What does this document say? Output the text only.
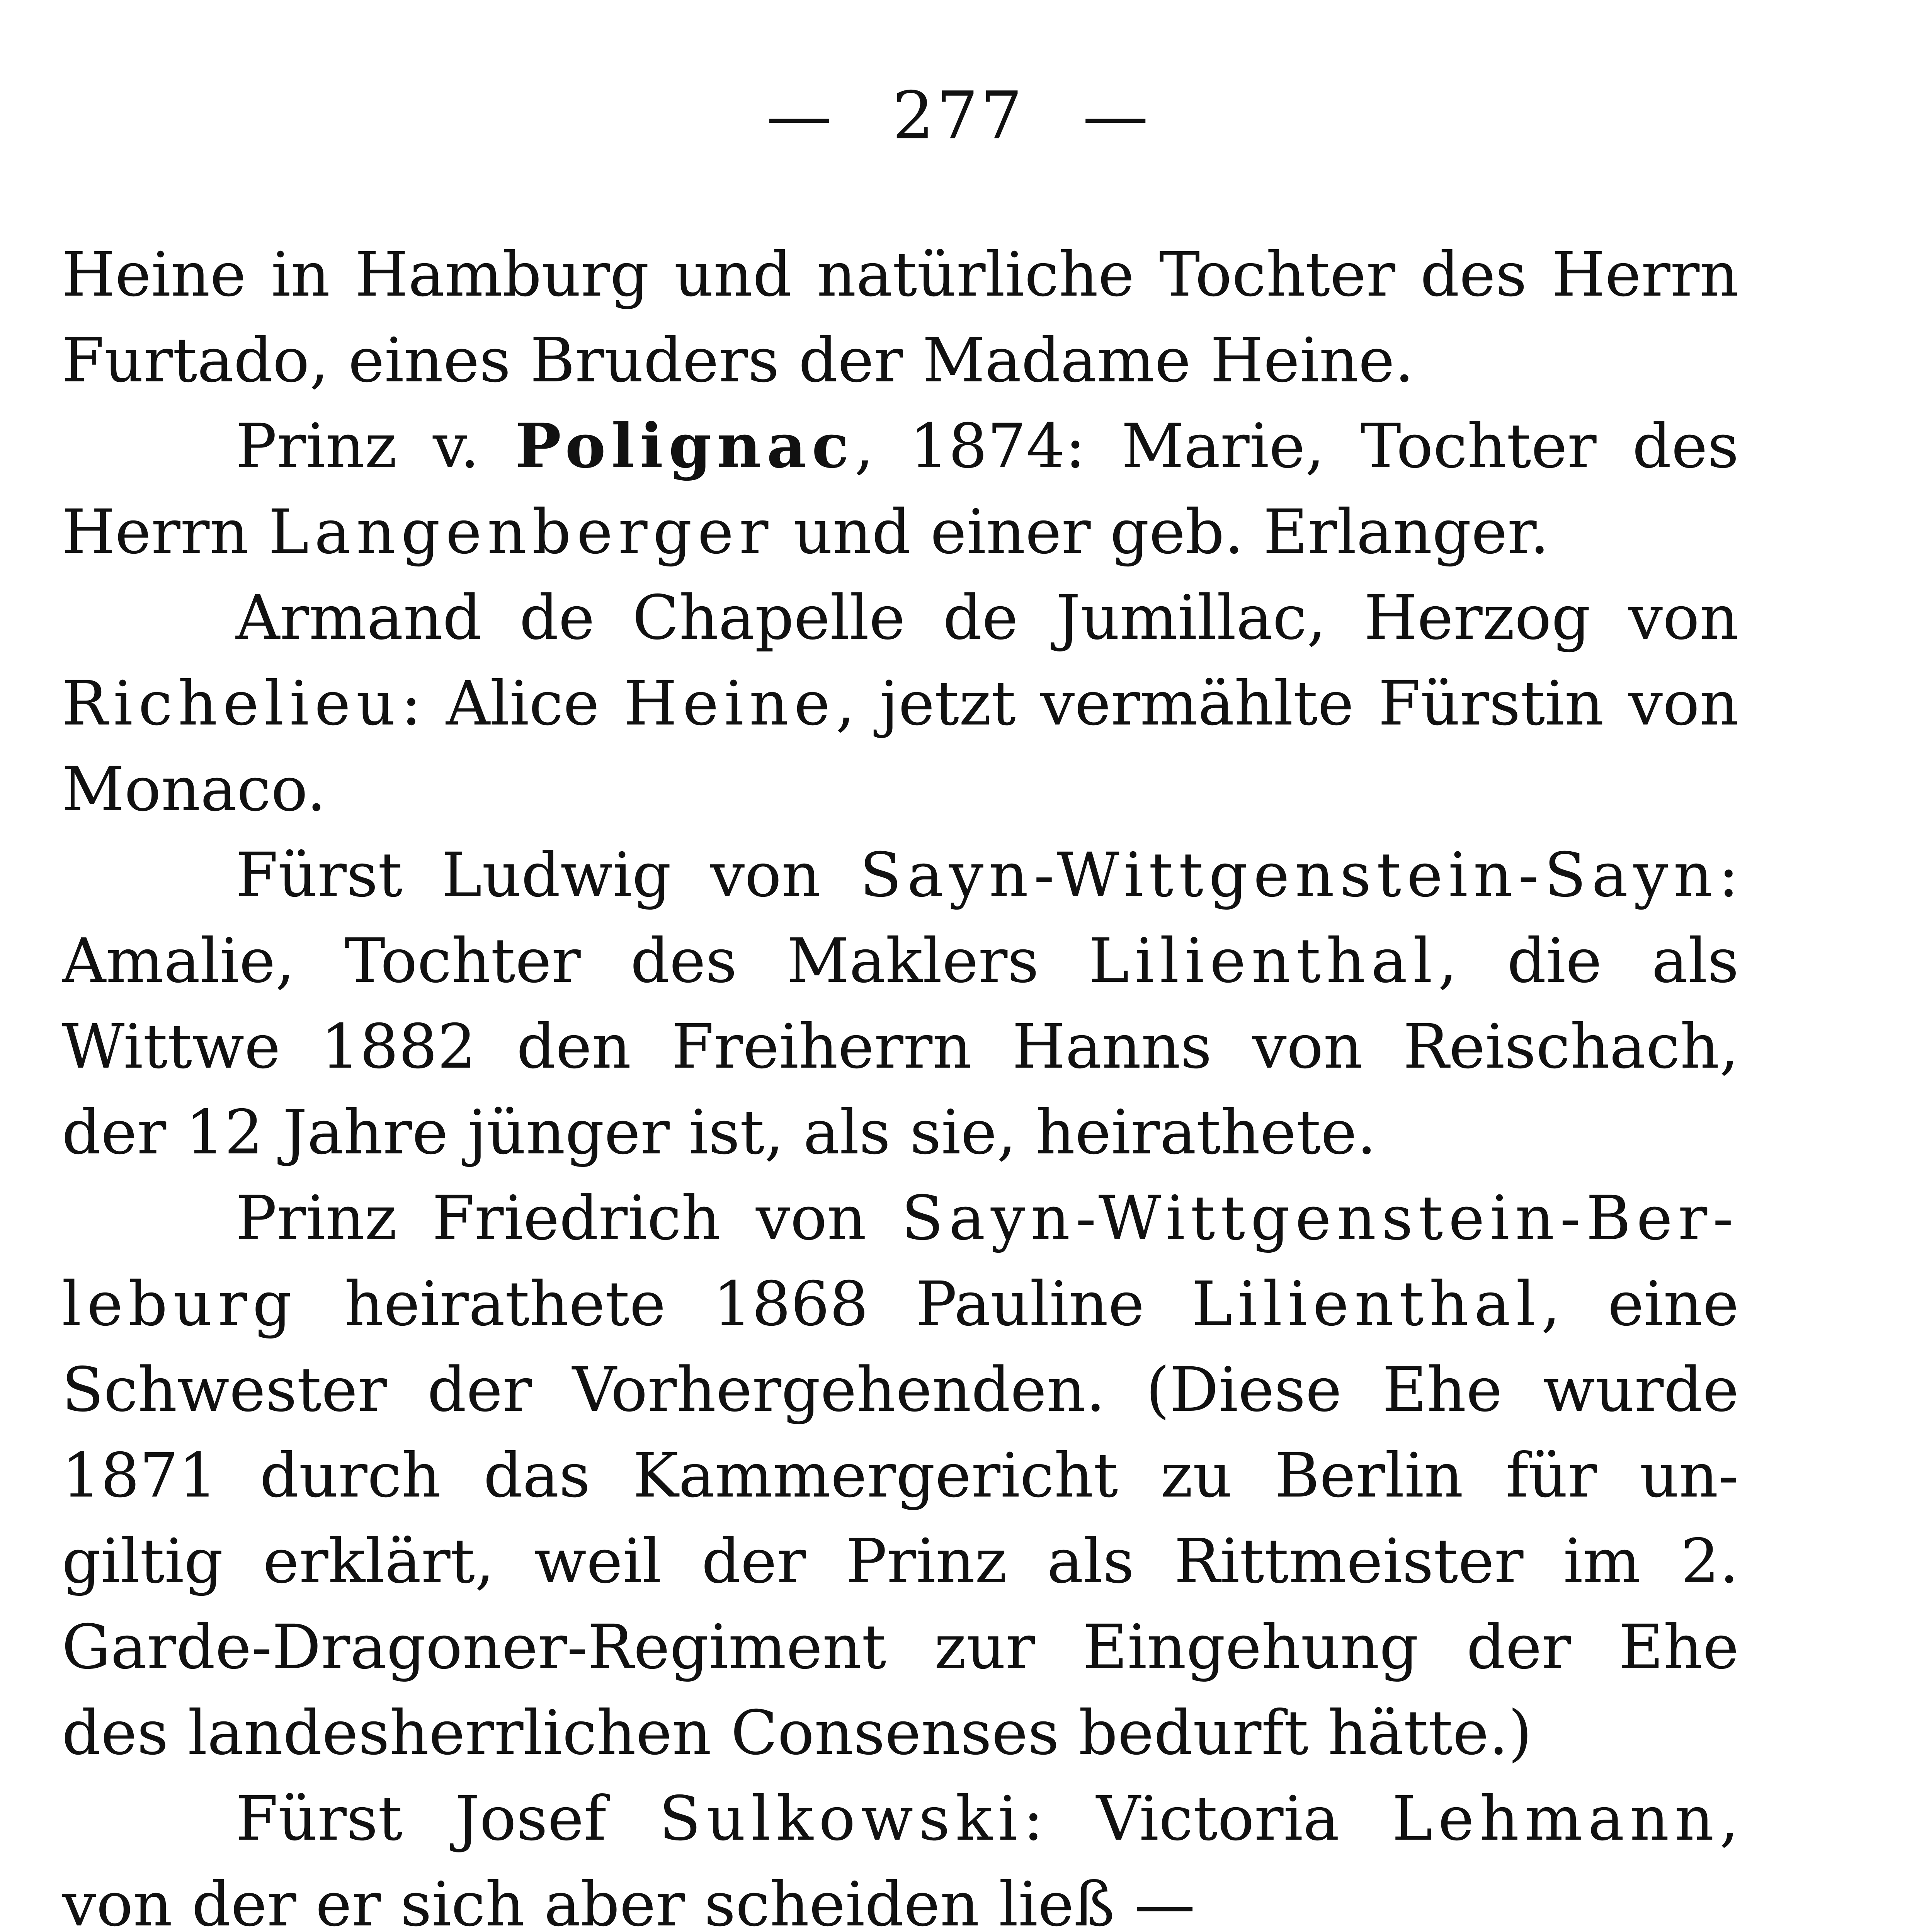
— 277 —
Heine in Hamburg und natürliche Tochter des Herrn
Furtado, eines Bruders der Madame Heine.
Prinz v. Polignac, 1874: Marie, Tochter des
Herrn Langenberger und einer geb. Erlanger.
Armand de Chapelle de Jumillac, Herzog von
Richelieu: Alice Heine, jetzt vermählte Fürstin von
Monaco.
Fürst Ludwig von Sayn-Wittgenstein-Sayn:
Amalie, Tochter des Maklers Lilienthal, die als
Wittwe 1882 den Freiherrn Hanns von Reischach,
der 12 Jahre jünger ist, als sie, heirathete.
Prinz Friedrich von Sayn-Wittgenstein-Ber-
leburg heirathete 1868 Pauline Lilienthal, eine
Schwester der Vorhergehenden. (Diese Ehe wurde
1871 durch das Kammergericht zu Berlin für un-
giltig erklärt, weil der Prinz als Rittmeister im 2.
Garde-Dragoner-Regiment zur Eingehung der Ehe
des landesherrlichen Consenses bedurft hätte.)
Fürst Josef Sulkowski: Victoria Lehmann,
von der er sich aber scheiden ließ —
